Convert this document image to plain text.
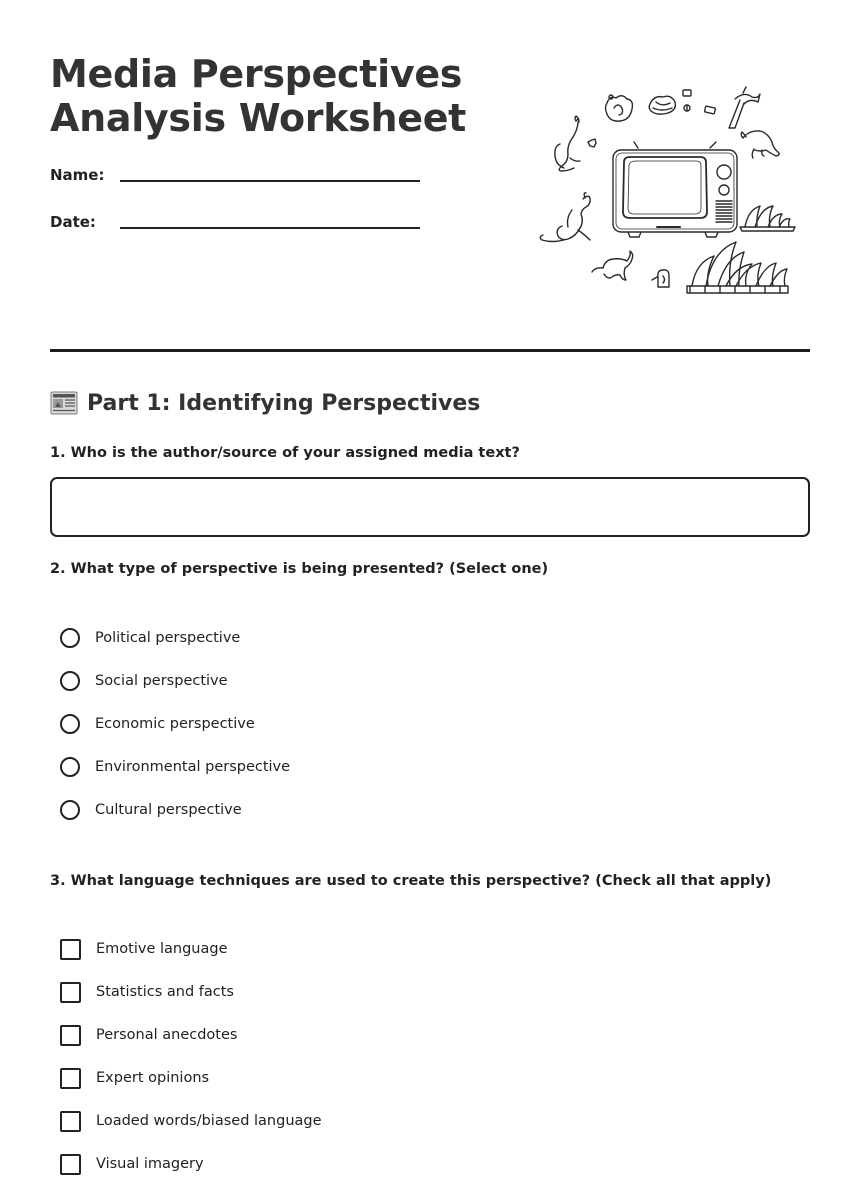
Media Perspectives
Analysis Worksheet
Name:
Date:
Part 1: Identifying Perspectives
1. Who is the author/source of your assigned media text?
2. What type of perspective is being presented? (Select one)
Political perspective
Social perspective
Economic perspective
Environmental perspective
Cultural perspective
3. What language techniques are used to create this perspective? (Check all that apply)
Emotive language
Statistics and facts
Personal anecdotes
Expert opinions
Loaded words/biased language
Visual imagery
